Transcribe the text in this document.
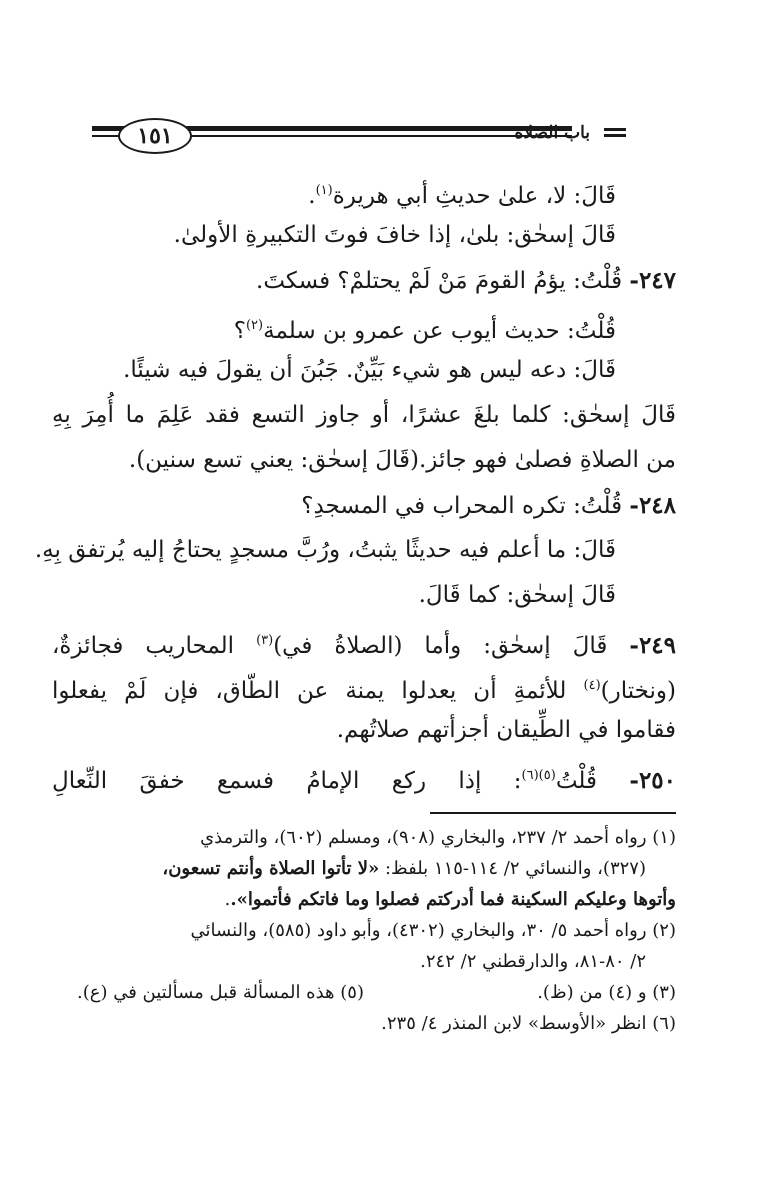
١٥١	باب الصلاة
قَالَ: لا، علىٰ حديثِ أبي هريرة$^{(١)}$.
قَالَ إسحٰق: بلىٰ، إذا خافَ فوتَ التكبيرةِ الأولىٰ.
٢٤٧- قُلْتُ: يؤمُ القومَ مَنْ لَمْ يحتلمْ؟ فسكتَ.
قُلْتُ: حديث أيوب عن عمرو بن سلمة$^{(٢)}$؟
قَالَ: دعه ليس هو شيء بَيِّنٌ. جَبُنَ أن يقولَ فيه شيئًا.
قَالَ إسحٰق: كلما بلغَ عشرًا، أو جاوز التسع فقد عَلِمَ ما أُمِرَ بِهِ
من الصلاةِ فصلىٰ فهو جائز.(قَالَ إسحٰق: يعني تسع سنين).
٢٤٨- قُلْتُ: تكره المحراب في المسجدِ؟
قَالَ: ما أعلم فيه حديثًا يثبتُ، ورُبَّ مسجدٍ يحتاجُ إليه يُرتفق بِهِ.
قَالَ إسحٰق: كما قَالَ.
٢٤٩- قَالَ إسحٰق: وأما (الصلاةُ في)$^{(٣)}$ المحاريب فجائزةٌ،
(ونختار)$^{(٤)}$ للأئمةِ أن يعدلوا يمنة عن الطّاق، فإن لَمْ يفعلوا
فقاموا في الطِّيقان أجزأتهم صلاتُهم.
٢٥٠- قُلْتُ$^{(٥)(٦)}$: إذا ركع الإمامُ فسمع خفقَ النِّعالِ
(١) رواه أحمد ٢/ ٢٣٧، والبخاري (٩٠٨)، ومسلم (٦٠٢)، والترمذي
(٣٢٧)، والنسائي ٢/ ١١٤-١١٥ بلفظ: «لا تأتوا الصلاة وأنتم تسعون،
وأتوها وعليكم السكينة فما أدركتم فصلوا وما فاتكم فأتموا»..
(٢) رواه أحمد ٥/ ٣٠، والبخاري (٤٣٠٢)، وأبو داود (٥٨٥)، والنسائي
٢/ ٨٠-٨١، والدارقطني ٢/ ٢٤٢.
(٣) و (٤) من (ظ).
(٥) هذه المسألة قبل مسألتين في (ع).
(٦) انظر «الأوسط» لابن المنذر ٤/ ٢٣٥.
